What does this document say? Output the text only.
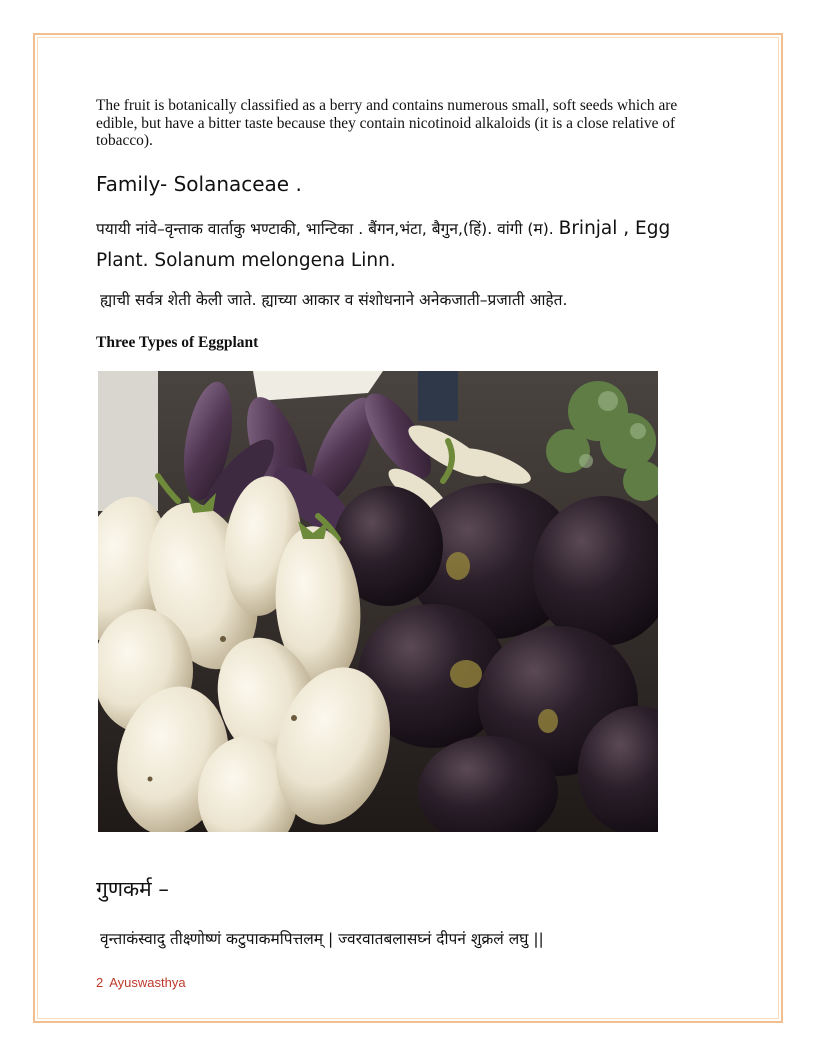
The fruit is botanically classified as a berry and contains numerous small, soft seeds which are edible, but have a bitter taste because they contain nicotinoid alkaloids (it is a close relative of tobacco).
Family- Solanaceae .
पयायी नांवे–वृन्ताक वार्ताकु भण्टाकी, भान्टिका . बैंगन,भंटा, बैगुन,(हिं). वांगी (म). Brinjal , Egg Plant. Solanum melongena Linn.
ह्याची सर्वत्र शेती केली जाते. ह्याच्या आकार व संशोधनाने अनेकजाती–प्रजाती आहेत.
Three Types of Eggplant
गुणकर्म –
वृन्ताकंस्वादु तीक्ष्णोष्णं कटुपाकमपित्तलम् | ज्वरवातबलासघ्नं दीपनं शुक्रलं लघु ||
2 Ayuswasthya
